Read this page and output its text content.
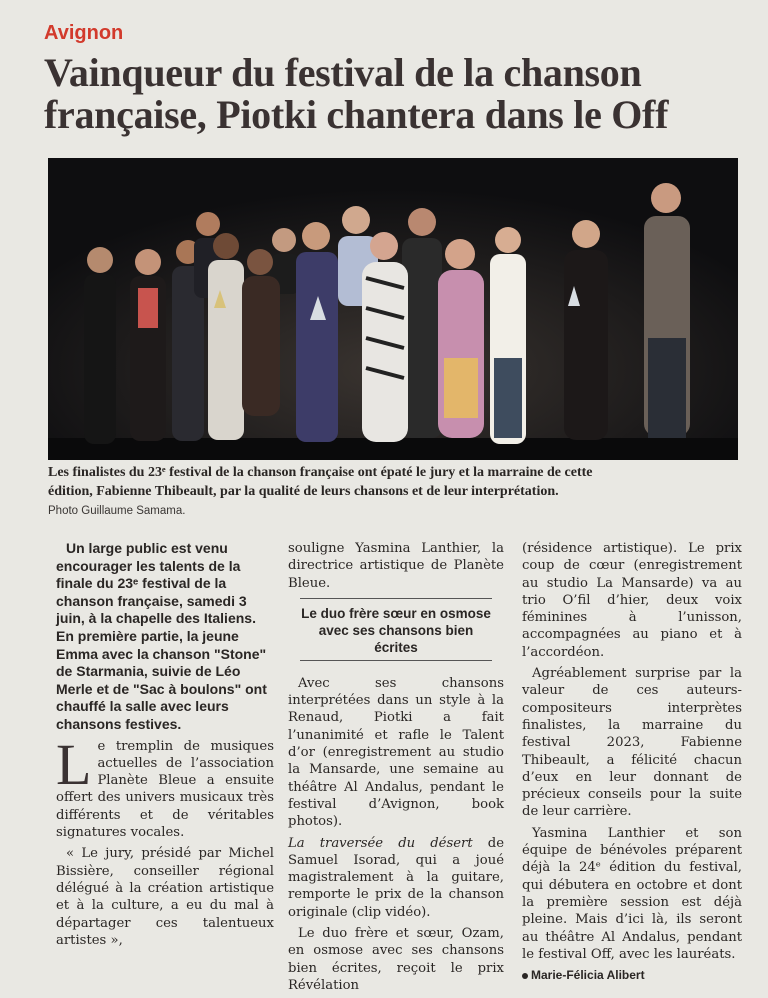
Avignon
Vainqueur du festival de la chanson
française, Piotki chantera dans le Off
Les finalistes du 23ᵉ festival de la chanson française ont épaté le jury et la marraine de cette
édition, Fabienne Thibeault, par la qualité de leurs chansons et de leur interprétation.
Photo Guillaume Samama.

Un large public est venu encourager les talents de la finale du 23ᵉ festival de la chanson française, samedi 3 juin, à la chapelle des Italiens. En première partie, la jeune Emma avec la chanson "Stone" de Starmania, suivie de Léo Merle et de "Sac à boulons" ont chauffé la salle avec leurs chansons festives.

Le tremplin de musiques actuelles de l’association Planète Bleue a ensuite offert des univers musicaux très différents et de véritables signatures vocales.

« Le jury, présidé par Michel Bissière, conseiller régional délégué à la création artistique et à la culture, a eu du mal à départager ces talentueux artistes »,

souligne Yasmina Lanthier, la directrice artistique de Planète Bleue.

Le duo frère sœur en osmose avec ses chansons bien écrites

Avec ses chansons interprétées dans un style à la Renaud, Piotki a fait l’unanimité et rafle le Talent d’or (enregistrement au studio la Mansarde, une semaine au théâtre Al Andalus, pendant le festival d’Avignon, book photos).

La traversée du désert de Samuel Isorad, qui a joué magistralement à la guitare, remporte le prix de la chanson originale (clip vidéo).

Le duo frère et sœur, Ozam, en osmose avec ses chansons bien écrites, reçoit le prix Révélation

(résidence artistique). Le prix coup de cœur (enregistrement au studio La Mansarde) va au trio O’fil d’hier, deux voix féminines à l’unisson, accompagnées au piano et à l’accordéon.

Agréablement surprise par la valeur de ces auteurs-compositeurs interprètes finalistes, la marraine du festival 2023, Fabienne Thibeault, a félicité chacun d’eux en leur donnant de précieux conseils pour la suite de leur carrière.

Yasmina Lanthier et son équipe de bénévoles préparent déjà la 24ᵉ édition du festival, qui débutera en octobre et dont la première session est déjà pleine. Mais d’ici là, ils seront au théâtre Al Andalus, pendant le festival Off, avec les lauréats.

Marie-Félicia Alibert
